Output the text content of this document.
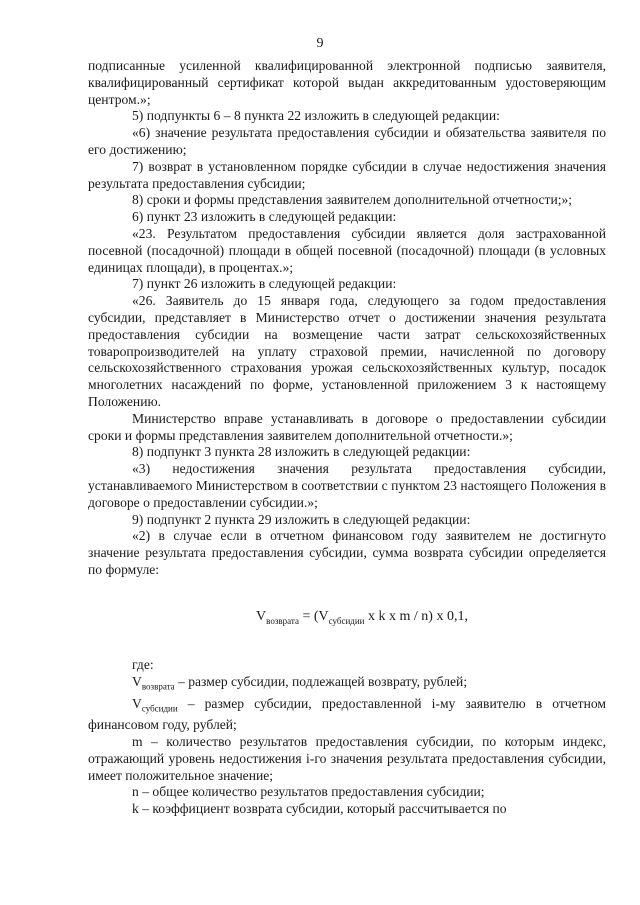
9

подписанные усиленной квалифицированной электронной подписью заявителя, квалифицированный сертификат которой выдан аккредитованным удостоверяющим центром.»;

5) подпункты 6 – 8 пункта 22 изложить в следующей редакции:

«6) значение результата предоставления субсидии и обязательства заявителя по его достижению;

7) возврат в установленном порядке субсидии в случае недостижения значения результата предоставления субсидии;

8) сроки и формы представления заявителем дополнительной отчетности;»;

6) пункт 23 изложить в следующей редакции:

«23. Результатом предоставления субсидии является доля застрахованной посевной (посадочной) площади в общей посевной (посадочной) площади (в условных единицах площади), в процентах.»;

7) пункт 26 изложить в следующей редакции:

«26. Заявитель до 15 января года, следующего за годом предоставления субсидии, представляет в Министерство отчет о достижении значения результата предоставления субсидии на возмещение части затрат сельскохозяйственных товаропроизводителей на уплату страховой премии, начисленной по договору сельскохозяйственного страхования урожая сельскохозяйственных культур, посадок многолетних насаждений по форме, установленной приложением 3 к настоящему Положению.

Министерство вправе устанавливать в договоре о предоставлении субсидии сроки и формы представления заявителем дополнительной отчетности.»;

8) подпункт 3 пункта 28 изложить в следующей редакции:

«3) недостижения значения результата предоставления субсидии, устанавливаемого Министерством в соответствии с пунктом 23 настоящего Положения в договоре о предоставлении субсидии.»;

9) подпункт 2 пункта 29 изложить в следующей редакции:

«2) в случае если в отчетном финансовом году заявителем не достигнуто значение результата предоставления субсидии, сумма возврата субсидии определяется по формуле:

$V_{возврата} = (V_{субсидии}$ x k x m / n) x 0,1,

где:

$V_{возврата}$ – размер субсидии, подлежащей возврату, рублей;

$V_{субсидии}$ – размер субсидии, предоставленной i-му заявителю в отчетном финансовом году, рублей;

m – количество результатов предоставления субсидии, по которым индекс, отражающий уровень недостижения i-го значения результата предоставления субсидии, имеет положительное значение;

n – общее количество результатов предоставления субсидии;

k – коэффициент возврата субсидии, который рассчитывается по
